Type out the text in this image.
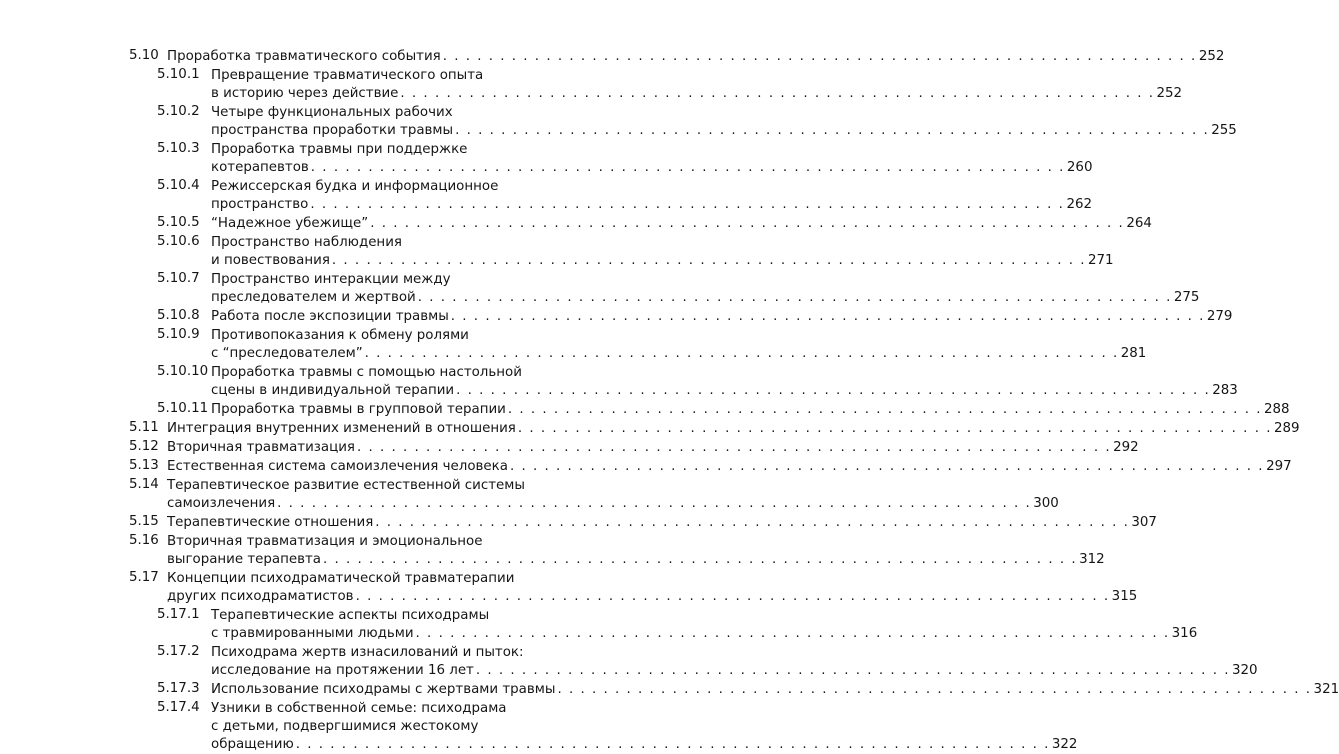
5.10 Проработка травматического события . . .	252
5.10.1 Превращение травматического опыта
в историю через действие . . .	252
5.10.2 Четыре функциональных рабочих
пространства проработки травмы . . .	255
5.10.3 Проработка травмы при поддержке
котерапевтов . . .	260
5.10.4 Режиссерская будка и информационное
пространство . . .	262
5.10.5 “Надежное убежище” . . .	264
5.10.6 Пространство наблюдения
и повествования . . .	271
5.10.7 Пространство интеракции между
преследователем и жертвой . . .	275
5.10.8 Работа после экспозиции травмы . . .	279
5.10.9 Противопоказания к обмену ролями
с “преследователем” . . .	281
5.10.10 Проработка травмы с помощью настольной
сцены в индивидуальной терапии . . .	283
5.10.11 Проработка травмы в групповой терапии . . .	288
5.11 Интеграция внутренних изменений в отношения . . .	289
5.12 Вторичная травматизация . . .	292
5.13 Естественная система самоизлечения человека . . .	297
5.14 Терапевтическое развитие естественной системы
самоизлечения . . .	300
5.15 Терапевтические отношения . . .	307
5.16 Вторичная травматизация и эмоциональное
выгорание терапевта . . .	312
5.17 Концепции психодраматической травматерапии
других психодраматистов . . .	315
5.17.1 Терапевтические аспекты психодрамы
с травмированными людьми . . .	316
5.17.2 Психодрама жертв изнасилований и пыток:
исследование на протяжении 16 лет . . .	320
5.17.3 Использование психодрамы с жертвами травмы . . .	321
5.17.4 Узники в собственной семье: психодрама
с детьми, подвергшимися жестокому
обращению . . .	322
